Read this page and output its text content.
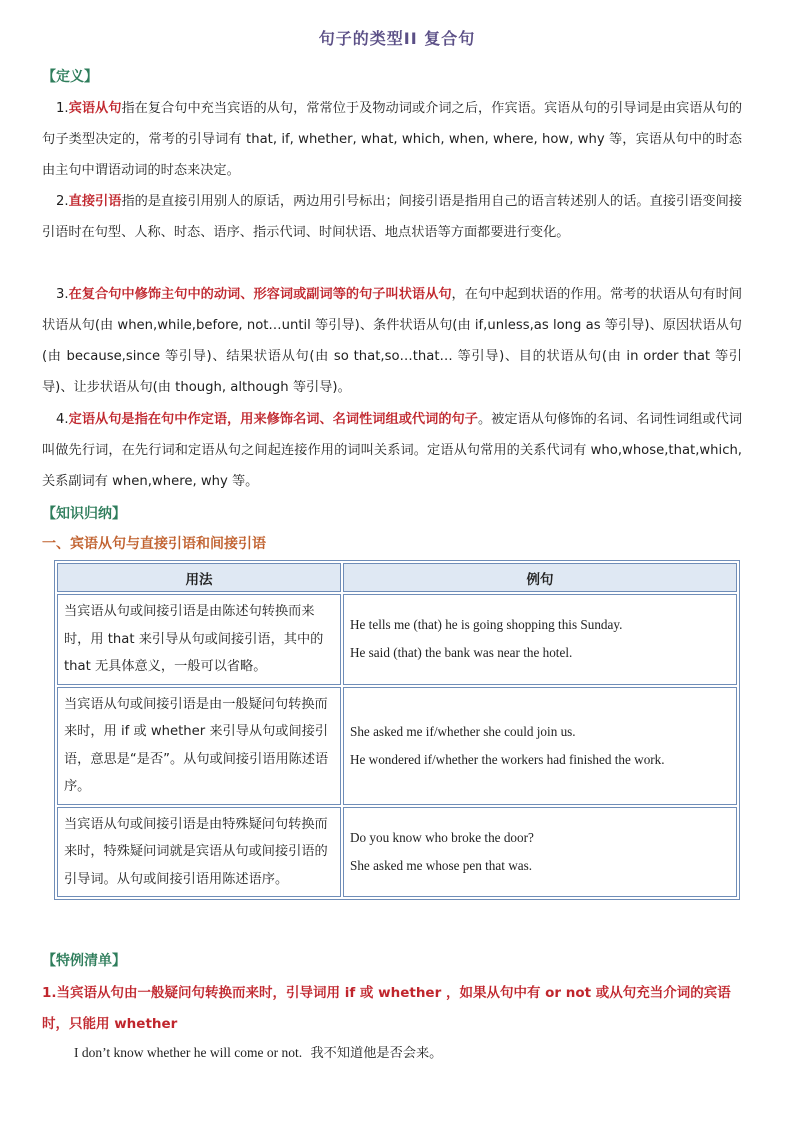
句子的类型II 复合句
【定义】
1.宾语从句指在复合句中充当宾语的从句，常常位于及物动词或介词之后，作宾语。宾语从句的引导词是由宾语从句的句子类型决定的，常考的引导词有 that, if, whether, what, which, when, where, how, why 等，宾语从句中的时态由主句中谓语动词的时态来决定。
2.直接引语指的是直接引用别人的原话，两边用引号标出；间接引语是指用自己的语言转述别人的话。直接引语变间接引语时在句型、人称、时态、语序、指示代词、时间状语、地点状语等方面都要进行变化。
3.在复合句中修饰主句中的动词、形容词或副词等的句子叫状语从句，在句中起到状语的作用。常考的状语从句有时间状语从句(由 when,while,before, not…until 等引导)、条件状语从句(由 if,unless,as long as 等引导)、原因状语从句(由 because,since 等引导)、结果状语从句(由 so that,so…that… 等引导)、目的状语从句(由 in order that 等引导)、让步状语从句(由 though, although 等引导)。
4.定语从句是指在句中作定语，用来修饰名词、名词性词组或代词的句子。被定语从句修饰的名词、名词性词组或代词叫做先行词，在先行词和定语从句之间起连接作用的词叫关系词。定语从句常用的关系代词有 who,whose,that,which, 关系副词有 when,where, why 等。
【知识归纳】
一、宾语从句与直接引语和间接引语
用法	例句
当宾语从句或间接引语是由陈述句转换而来时，用 that 来引导从句或间接引语，其中的 that 无具体意义，一般可以省略。	He tells me (that) he is going shopping this Sunday.
He said (that) the bank was near the hotel.

当宾语从句或间接引语是由一般疑问句转换而来时，用 if 或 whether 来引导从句或间接引语，意思是“是否”。从句或间接引语用陈述语序。	She asked me if/whether she could join us.
He wondered if/whether the workers had finished the work.

当宾语从句或间接引语是由特殊疑问句转换而来时，特殊疑问词就是宾语从句或间接引语的引导词。从句或间接引语用陈述语序。	Do you know who broke the door?
She asked me whose pen that was.
【特例清单】
1.当宾语从句由一般疑问句转换而来时，引导词用 if 或 whether ，如果从句中有 or not 或从句充当介词的宾语时，只能用 whether
I don’t know whether he will come or not. 我不知道他是否会来。
